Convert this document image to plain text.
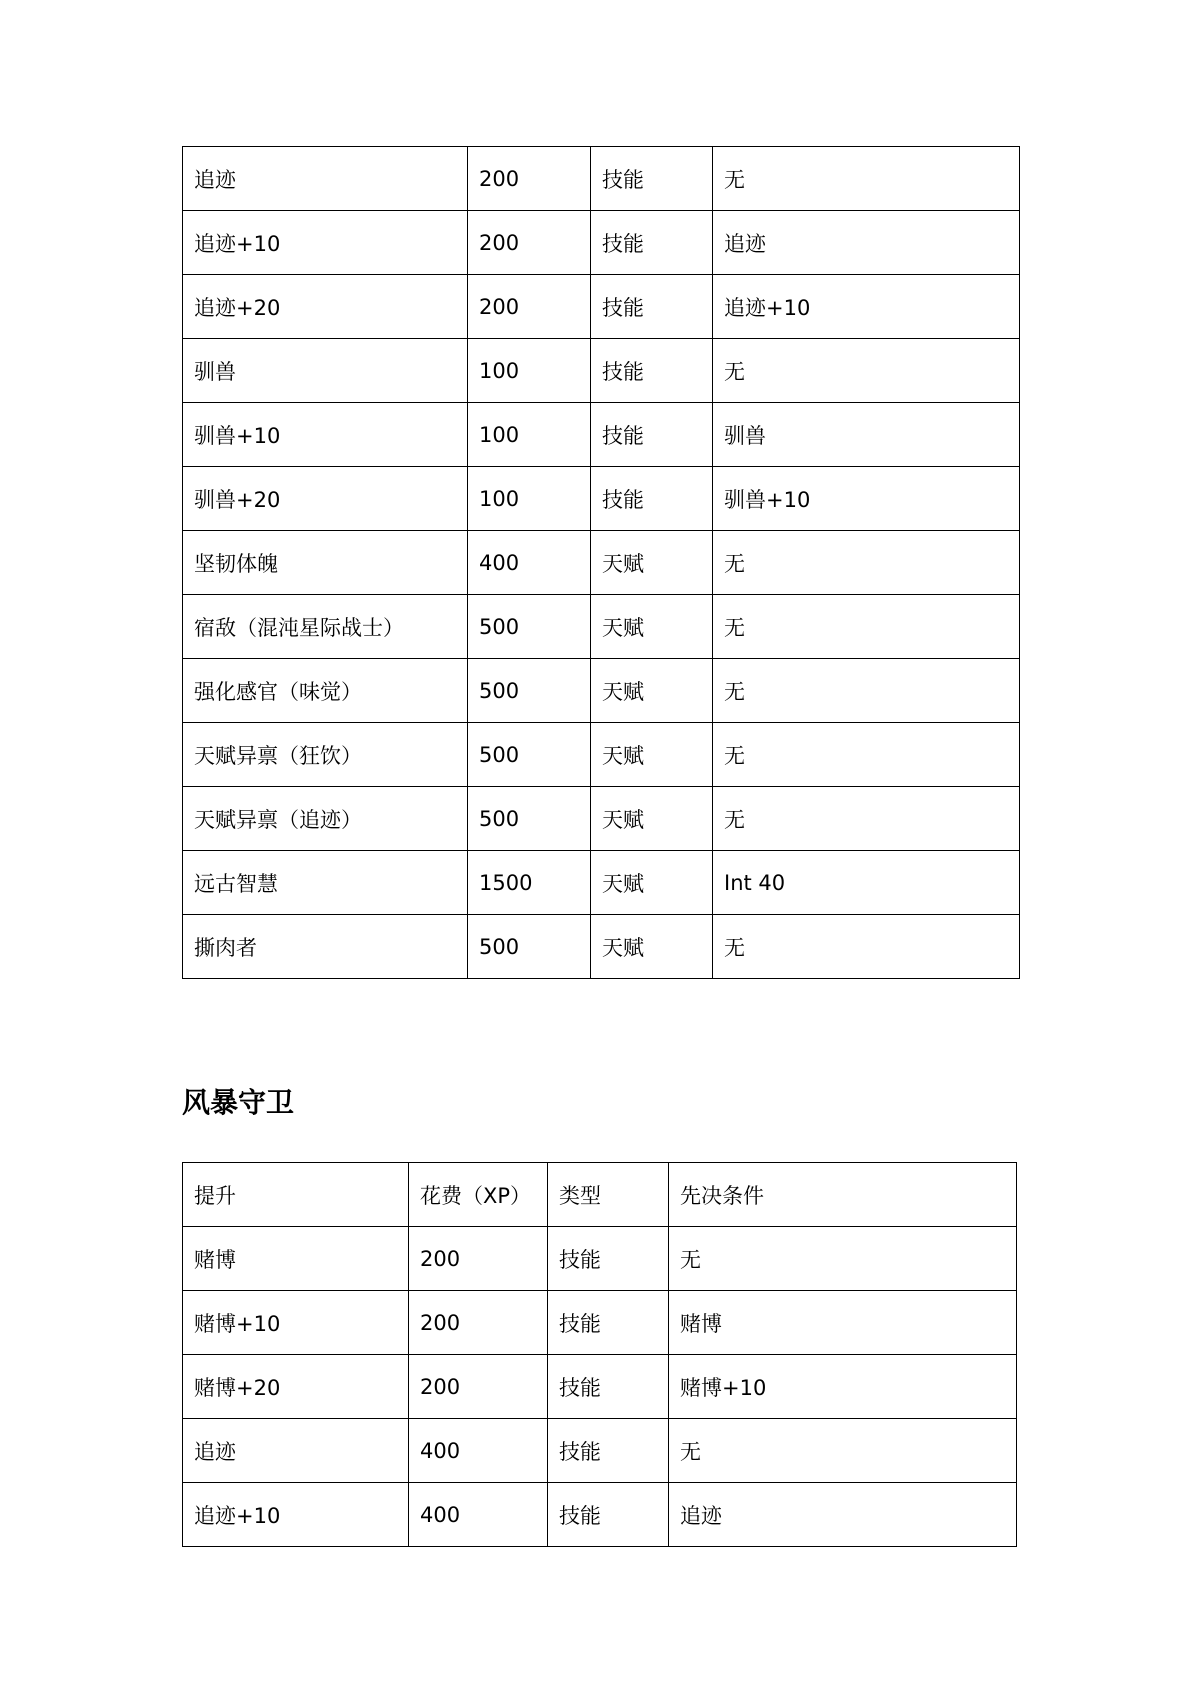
追迹	200	技能	无
追迹+10	200	技能	追迹
追迹+20	200	技能	追迹+10
驯兽	100	技能	无
驯兽+10	100	技能	驯兽
驯兽+20	100	技能	驯兽+10
坚韧体魄	400	天赋	无
宿敌（混沌星际战士）	500	天赋	无
强化感官（味觉）	500	天赋	无
天赋异禀（狂饮）	500	天赋	无
天赋异禀（追迹）	500	天赋	无
远古智慧	1500	天赋	Int 40
撕肉者	500	天赋	无
风暴守卫
提升	花费（XP）	类型	先决条件
赌博	200	技能	无
赌博+10	200	技能	赌博
赌博+20	200	技能	赌博+10
追迹	400	技能	无
追迹+10	400	技能	追迹
